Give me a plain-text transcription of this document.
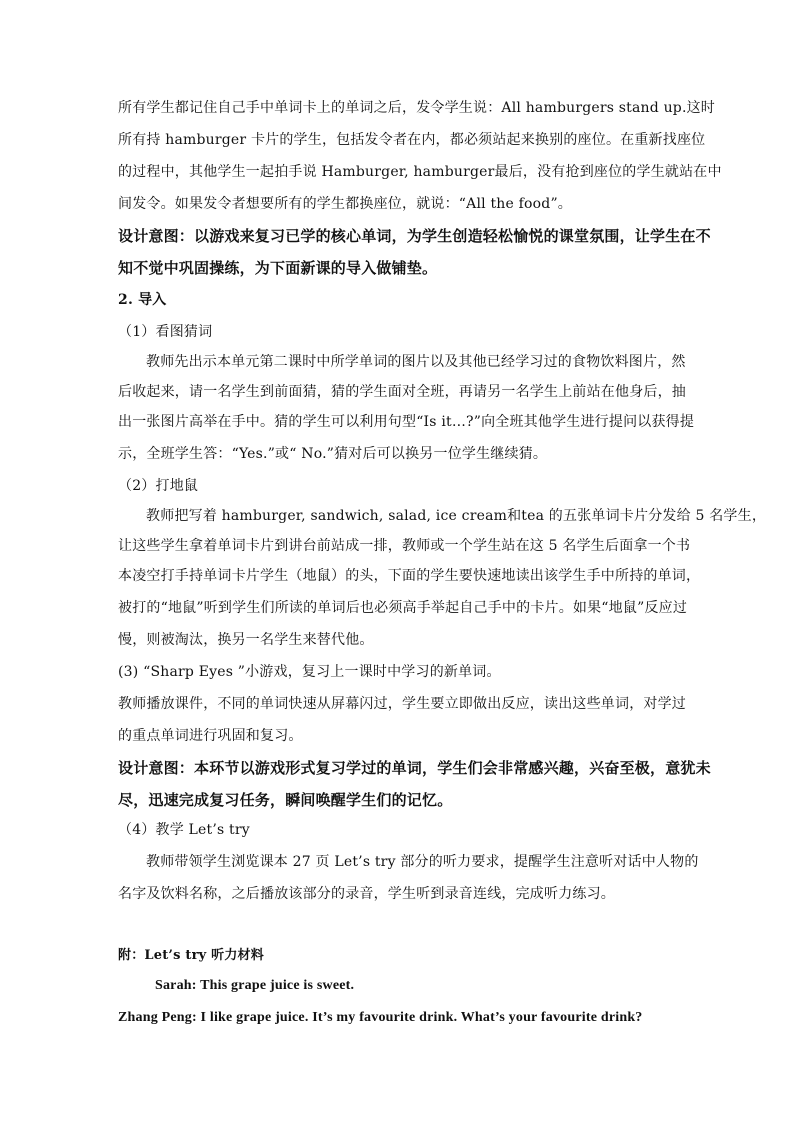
所有学生都记住自己手中单词卡上的单词之后，发令学生说：All hamburgers stand up.这时
所有持 hamburger 卡片的学生，包括发令者在内，都必须站起来换别的座位。在重新找座位
的过程中，其他学生一起拍手说 Hamburger, hamburger最后，没有抢到座位的学生就站在中
间发令。如果发令者想要所有的学生都换座位，就说：“All the food”。
设计意图：以游戏来复习已学的核心单词，为学生创造轻松愉悦的课堂氛围，让学生在不
知不觉中巩固操练，为下面新课的导入做铺垫。
2. 导入
（1）看图猜词
教师先出示本单元第二课时中所学单词的图片以及其他已经学习过的食物饮料图片，然
后收起来，请一名学生到前面猜，猜的学生面对全班，再请另一名学生上前站在他身后，抽
出一张图片高举在手中。猜的学生可以利用句型“Is it…?”向全班其他学生进行提问以获得提
示，全班学生答：“Yes.”或“ No.”猜对后可以换另一位学生继续猜。
（2）打地鼠
教师把写着 hamburger, sandwich, salad, ice cream和tea 的五张单词卡片分发给 5 名学生，
让这些学生拿着单词卡片到讲台前站成一排，教师或一个学生站在这 5 名学生后面拿一个书
本凌空打手持单词卡片学生（地鼠）的头，下面的学生要快速地读出该学生手中所持的单词，
被打的“地鼠”听到学生们所读的单词后也必须高手举起自己手中的卡片。如果“地鼠”反应过
慢，则被淘汰，换另一名学生来替代他。
(3) “Sharp Eyes ”小游戏，复习上一课时中学习的新单词。
教师播放课件，不同的单词快速从屏幕闪过，学生要立即做出反应，读出这些单词，对学过
的重点单词进行巩固和复习。
设计意图：本环节以游戏形式复习学过的单词，学生们会非常感兴趣，兴奋至极，意犹未
尽，迅速完成复习任务，瞬间唤醒学生们的记忆。
（4）教学 Let’s try
教师带领学生浏览课本 27 页 Let’s try 部分的听力要求，提醒学生注意听对话中人物的
名字及饮料名称，之后播放该部分的录音，学生听到录音连线，完成听力练习。
附：Let’s try 听力材料
Sarah: This grape juice is sweet.
Zhang Peng: I like grape juice. It’s my favourite drink. What’s your favourite drink?
